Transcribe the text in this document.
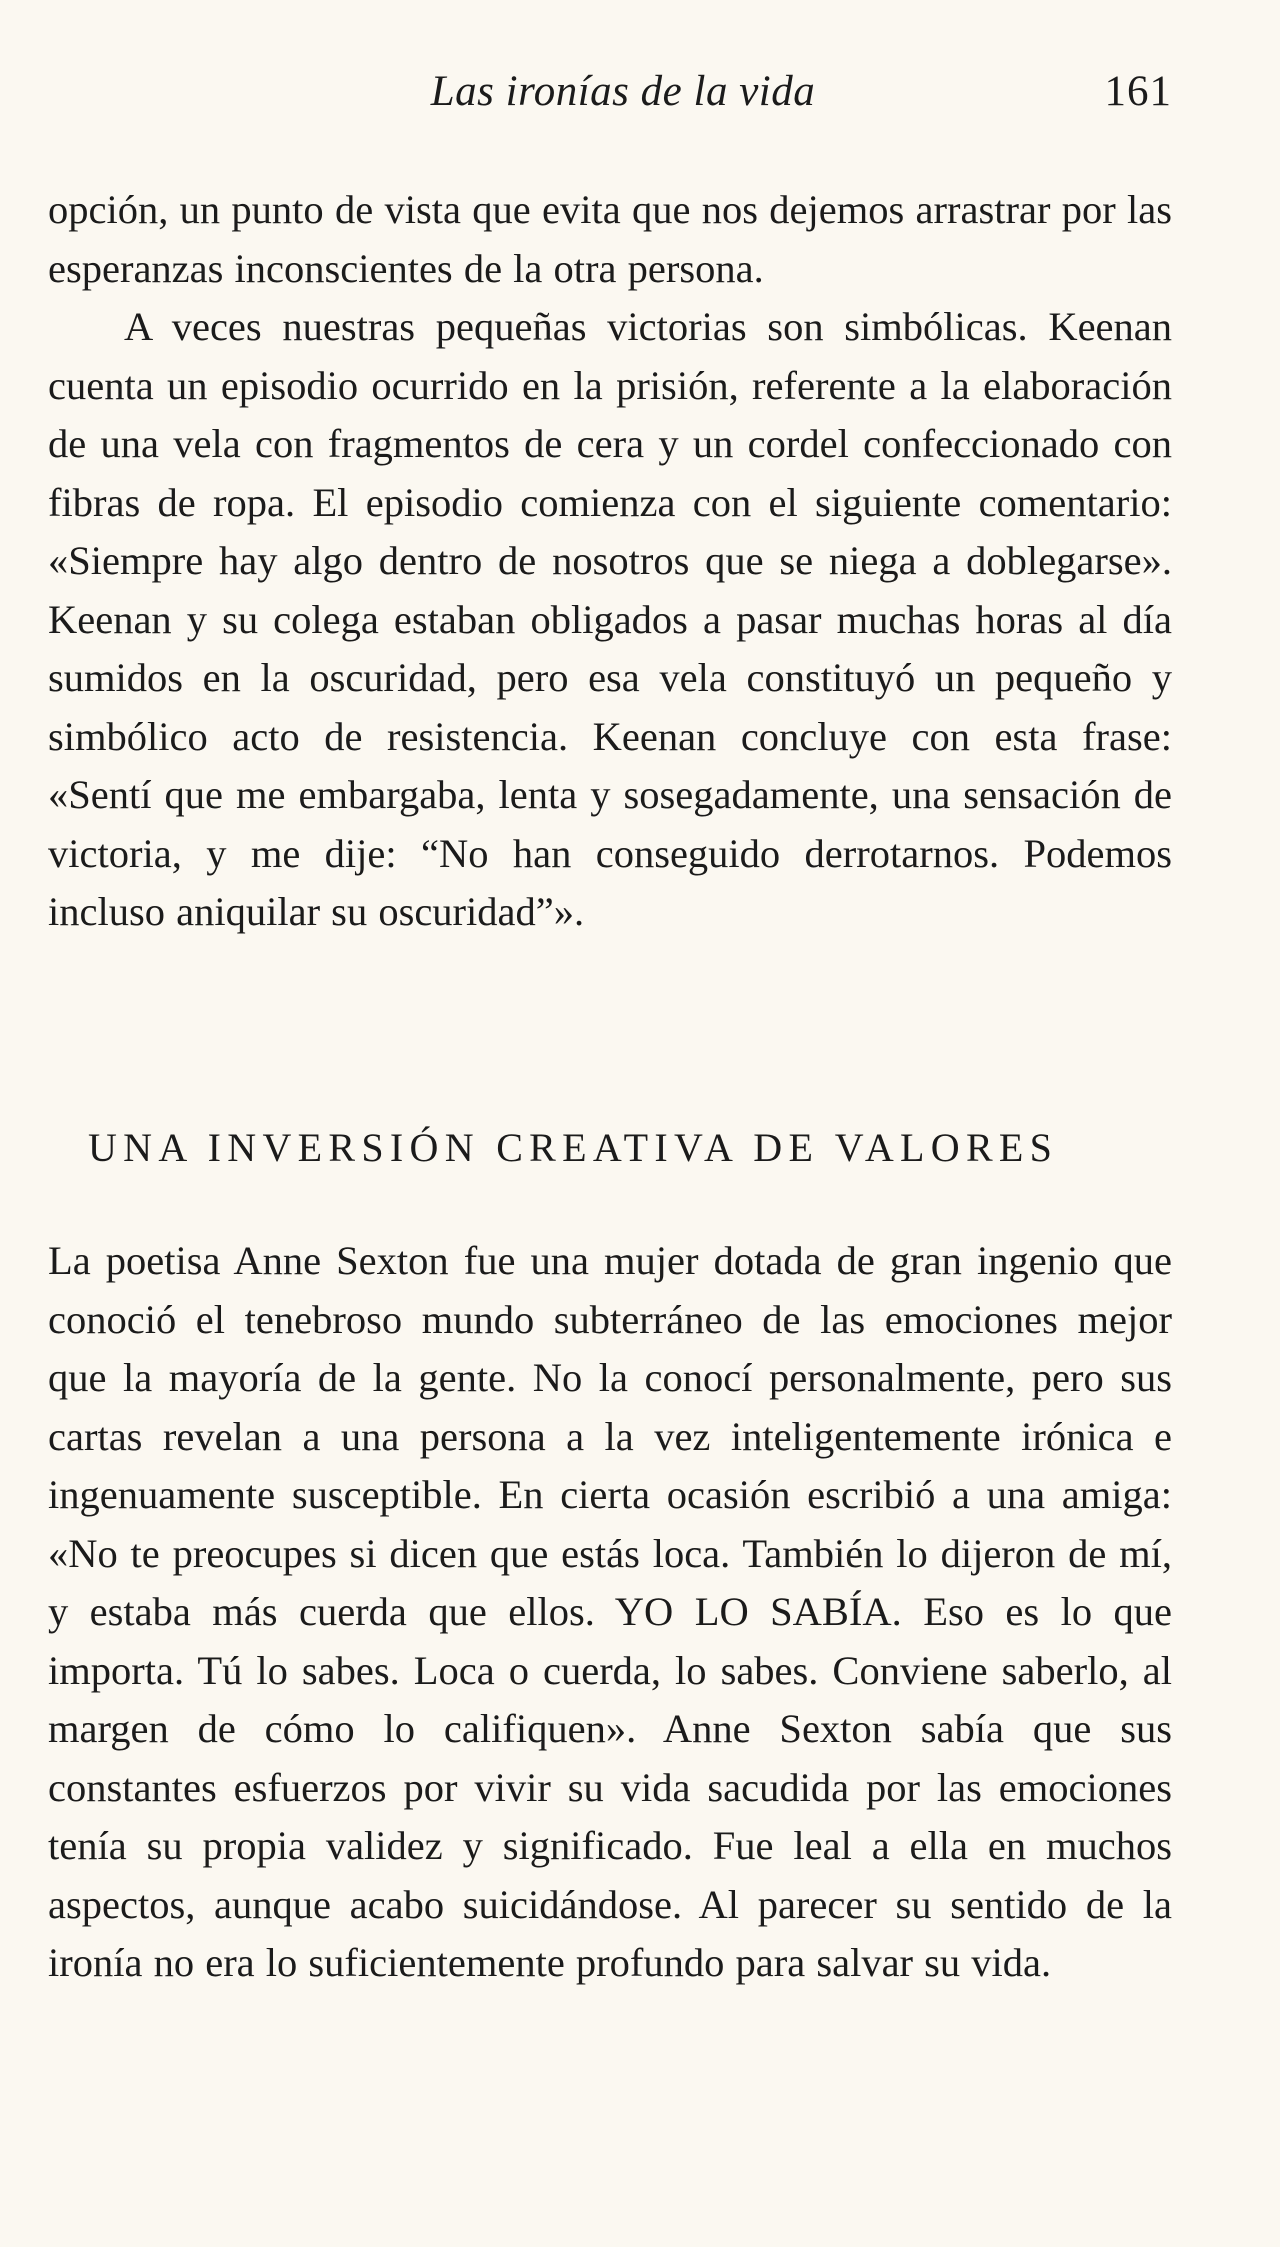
Las ironías de la vida	161

opción, un punto de vista que evita que nos dejemos arrastrar por las esperanzas inconscientes de la otra persona.

A veces nuestras pequeñas victorias son simbólicas. Keenan cuenta un episodio ocurrido en la prisión, referente a la elaboración de una vela con fragmentos de cera y un cordel confeccionado con fibras de ropa. El episodio comienza con el siguiente comentario: «Siempre hay algo dentro de nosotros que se niega a doblegarse». Keenan y su colega estaban obligados a pasar muchas horas al día sumidos en la oscuridad, pero esa vela constituyó un pequeño y simbólico acto de resistencia. Keenan concluye con esta frase: «Sentí que me embargaba, lenta y sosegadamente, una sensación de victoria, y me dije: “No han conseguido derrotarnos. Podemos incluso aniquilar su oscuridad”».

UNA INVERSIÓN CREATIVA DE VALORES

La poetisa Anne Sexton fue una mujer dotada de gran ingenio que conoció el tenebroso mundo subterráneo de las emociones mejor que la mayoría de la gente. No la conocí personalmente, pero sus cartas revelan a una persona a la vez inteligentemente irónica e ingenuamente susceptible. En cierta ocasión escribió a una amiga: «No te preocupes si dicen que estás loca. También lo dijeron de mí, y estaba más cuerda que ellos. YO LO SABÍA. Eso es lo que importa. Tú lo sabes. Loca o cuerda, lo sabes. Conviene saberlo, al margen de cómo lo califiquen». Anne Sexton sabía que sus constantes esfuerzos por vivir su vida sacudida por las emociones tenía su propia validez y significado. Fue leal a ella en muchos aspectos, aunque acabo suicidándose. Al parecer su sentido de la ironía no era lo suficientemente profundo para salvar su vida.
